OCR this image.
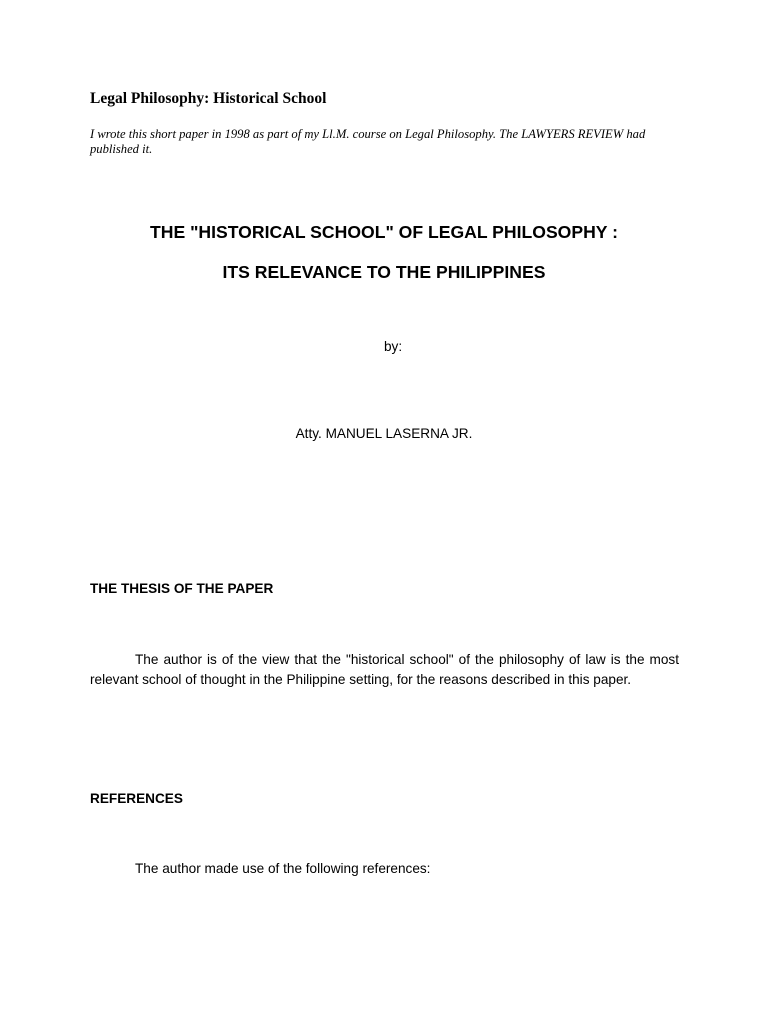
Legal Philosophy: Historical School

I wrote this short paper in 1998 as part of my Ll.M. course on Legal Philosophy. The LAWYERS REVIEW had published it.

THE "HISTORICAL SCHOOL" OF LEGAL PHILOSOPHY :
ITS RELEVANCE TO THE PHILIPPINES

by:

Atty. MANUEL LASERNA JR.

THE THESIS OF THE PAPER

The author is of the view that the "historical school" of the philosophy of law is the most relevant school of thought in the Philippine setting, for the reasons described in this paper.

REFERENCES

The author made use of the following references:
